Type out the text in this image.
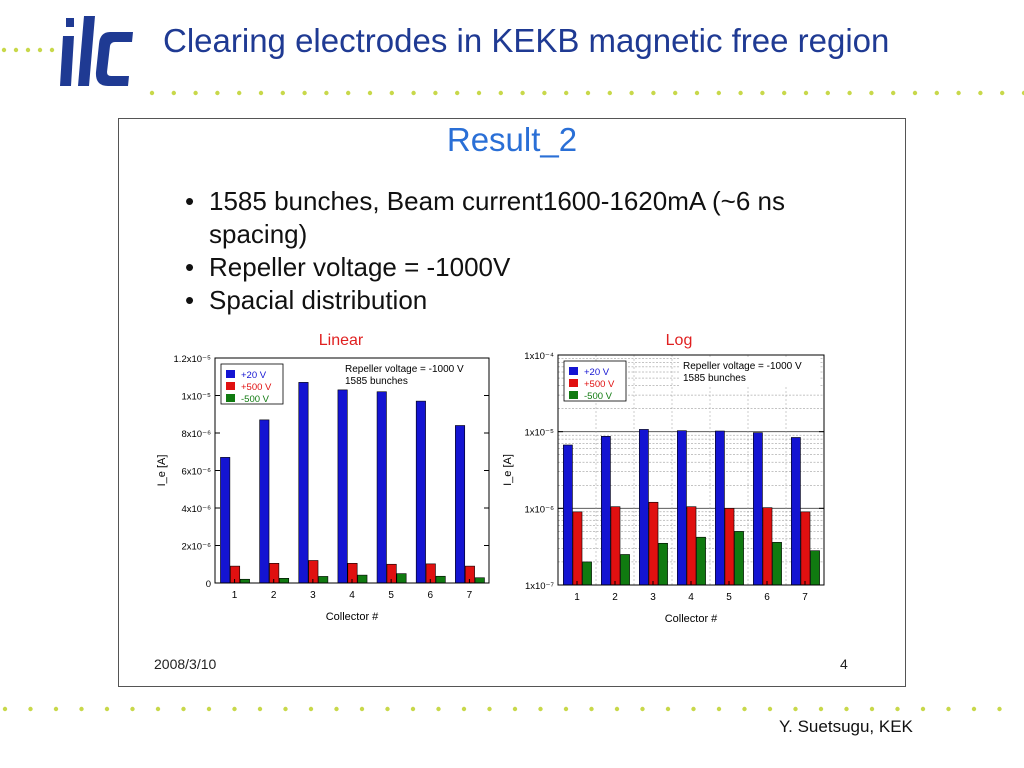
Clearing electrodes in KEKB magnetic free region
Result_2
• 1585 bunches, Beam current1600-1620mA (~6 ns spacing)
• Repeller voltage = -1000V
• Spacial distribution
Linear
0
2x10⁻⁶
4x10⁻⁶
6x10⁻⁶
8x10⁻⁶
1x10⁻⁵
1.2x10⁻⁵
1	2	3	4	5	6	7
Collector #
I_e [A]
+20 V
+500 V
-500 V
Repeller voltage = -1000 V
1585 bunches
Log
1x10⁻⁷
1x10⁻⁶
1x10⁻⁵
1x10⁻⁴
1	2	3	4	5	6	7
Collector #
I_e [A]
+20 V
+500 V
-500 V
Repeller voltage = -1000 V
1585 bunches
2008/3/10	4
Y. Suetsugu, KEK
